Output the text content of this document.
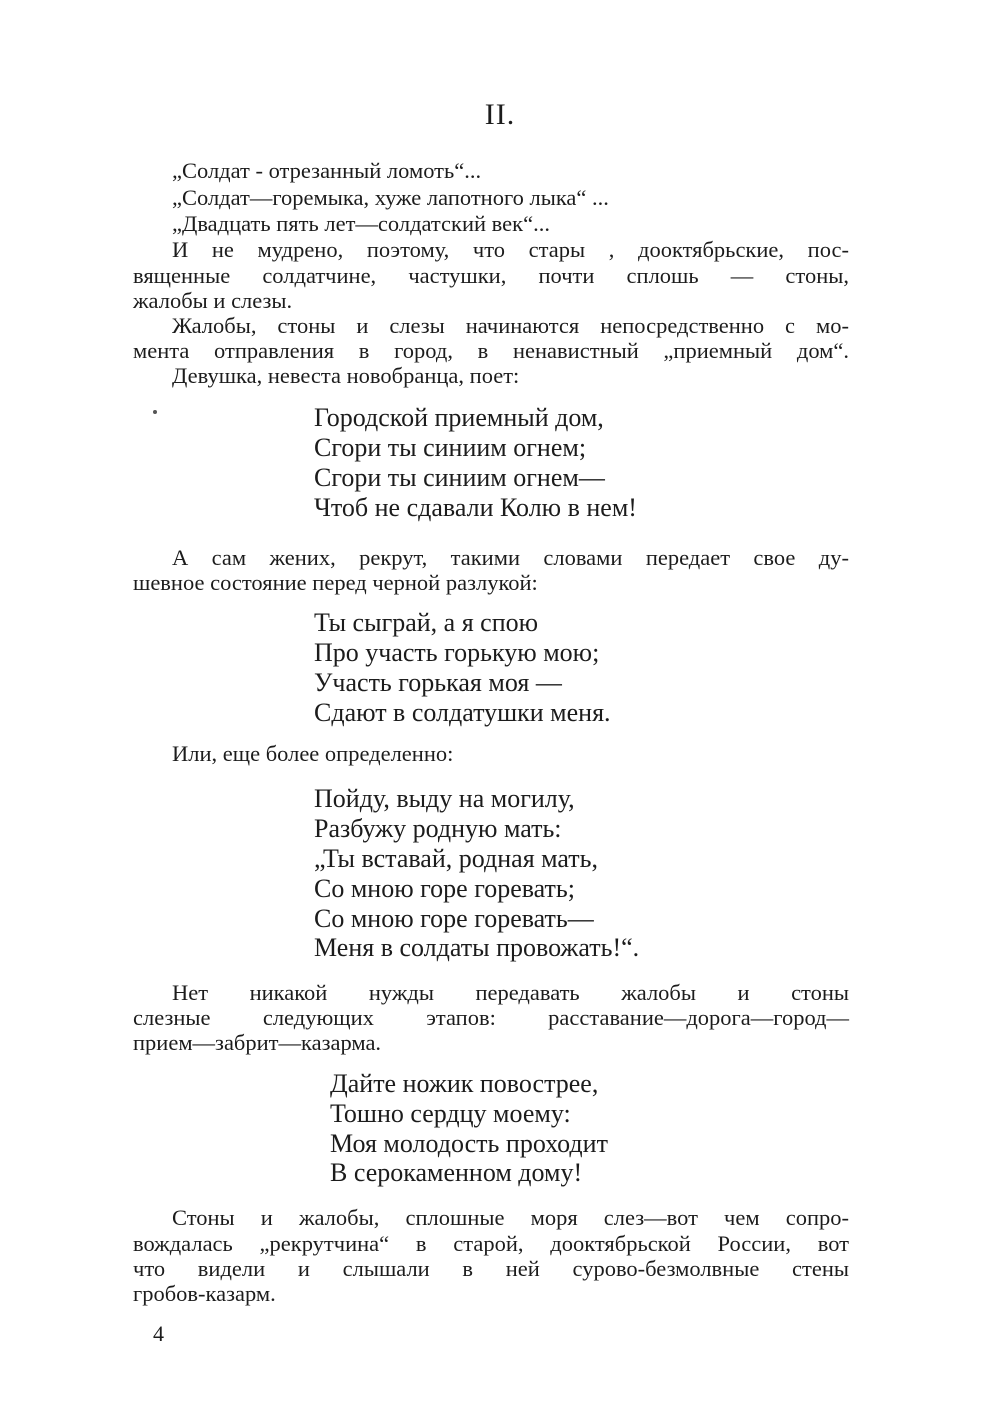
II.
„Солдат - отрезанный ломоть“...
„Солдат—горемыка, хуже лапотного лыка“ ...
„Двадцать пять лет—солдатский век“...
И не мудрено, поэтому, что стары , доoктябрьские, пос-
вященные солдатчине, частушки, почти сплошь — стоны,
жалобы и слезы.
Жалобы, стоны и слезы начинаются непосредственно с мо-
мента отправления в город, в ненавистный „приемный дом“.
Девушка, невеста новобранца, поет:
Городской приемный дом,
Сгори ты синиим огнем;
Сгори ты синиим огнем—
Чтоб не сдавали Колю в нем!
А сам жених, рекрут, такими словами передает свое ду-
шевное состояние перед черной разлукой:
Ты сыграй, а я спою
Про участь горькую мою;
Участь горькая моя —
Сдают в солдатушки меня.
Или, еще более определенно:
Пойду, выду на могилу,
Разбужу родную мать:
„Ты вставай, родная мать,
Со мною горе горевать;
Со мною горе горевать—
Меня в солдаты провожать!“.
Нет никакой нужды передавать жалобы и стоны
слезные следующих этапов: расставание—дорога—город—
прием—забрит—казарма.
Дайте ножик повострее,
Тошно сердцу моему:
Моя молодость проходит
В серокаменном дому!
Стоны и жалобы, сплошные моря слез—вот чем сопро-
вождалась „рекрутчина“ в старой, доoктябрьской России, вот
что видели и слышали в ней сурово-безмолвные стены
гробов-казарм.
4
